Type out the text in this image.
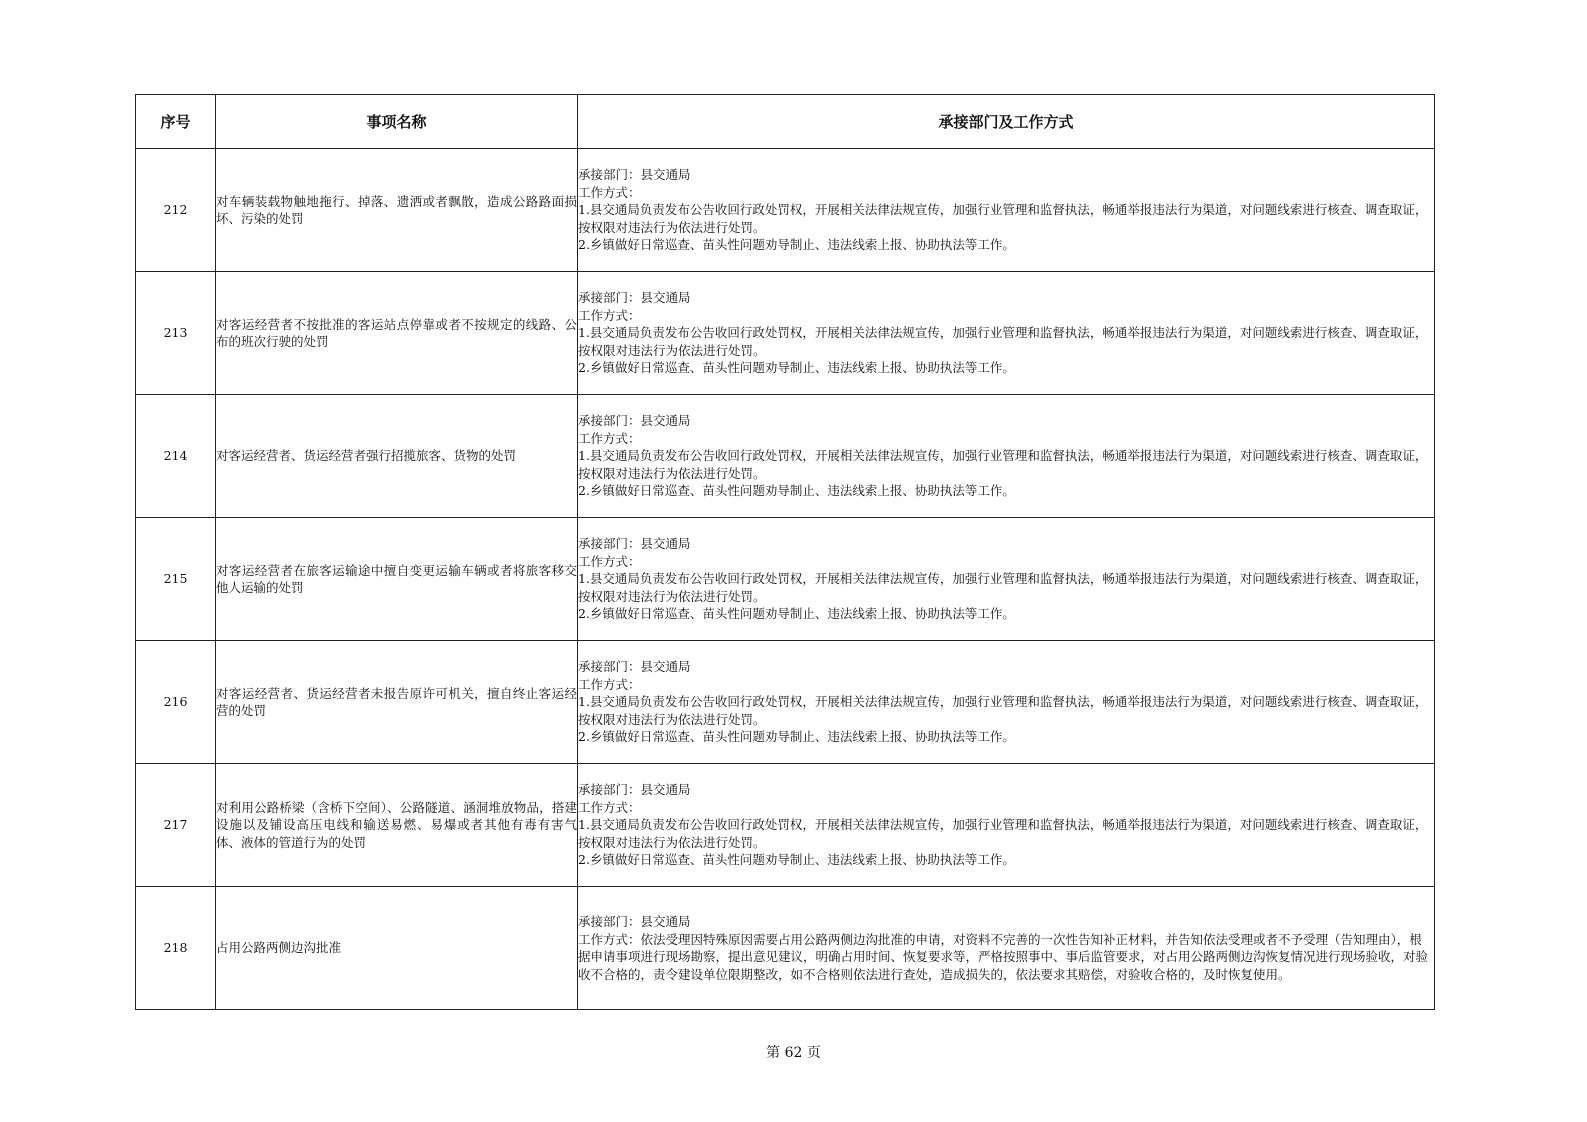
序号	事项名称	承接部门及工作方式
212	对车辆装载物触地拖行、掉落、遗洒或者飘散，造成公路路面损坏、污染的处罚	承接部门：县交通局
工作方式：
1.县交通局负责发布公告收回行政处罚权，开展相关法律法规宣传，加强行业管理和监督执法，畅通举报违法行为渠道，对问题线索进行核查、调查取证，按权限对违法行为依法进行处罚。
2.乡镇做好日常巡查、苗头性问题劝导制止、违法线索上报、协助执法等工作。

213	对客运经营者不按批准的客运站点停靠或者不按规定的线路、公布的班次行驶的处罚	承接部门：县交通局
工作方式：
1.县交通局负责发布公告收回行政处罚权，开展相关法律法规宣传，加强行业管理和监督执法，畅通举报违法行为渠道，对问题线索进行核查、调查取证，按权限对违法行为依法进行处罚。
2.乡镇做好日常巡查、苗头性问题劝导制止、违法线索上报、协助执法等工作。

214	对客运经营者、货运经营者强行招揽旅客、货物的处罚	承接部门：县交通局
工作方式：
1.县交通局负责发布公告收回行政处罚权，开展相关法律法规宣传，加强行业管理和监督执法，畅通举报违法行为渠道，对问题线索进行核查、调查取证，按权限对违法行为依法进行处罚。
2.乡镇做好日常巡查、苗头性问题劝导制止、违法线索上报、协助执法等工作。

215	对客运经营者在旅客运输途中擅自变更运输车辆或者将旅客移交他人运输的处罚	承接部门：县交通局
工作方式：
1.县交通局负责发布公告收回行政处罚权，开展相关法律法规宣传，加强行业管理和监督执法，畅通举报违法行为渠道，对问题线索进行核查、调查取证，按权限对违法行为依法进行处罚。
2.乡镇做好日常巡查、苗头性问题劝导制止、违法线索上报、协助执法等工作。

216	对客运经营者、货运经营者未报告原许可机关，擅自终止客运经营的处罚	承接部门：县交通局
工作方式：
1.县交通局负责发布公告收回行政处罚权，开展相关法律法规宣传，加强行业管理和监督执法，畅通举报违法行为渠道，对问题线索进行核查、调查取证，按权限对违法行为依法进行处罚。
2.乡镇做好日常巡查、苗头性问题劝导制止、违法线索上报、协助执法等工作。

217	对利用公路桥梁（含桥下空间）、公路隧道、涵洞堆放物品，搭建设施以及铺设高压电线和输送易燃、易爆或者其他有毒有害气体、液体的管道行为的处罚	承接部门：县交通局
工作方式：
1.县交通局负责发布公告收回行政处罚权，开展相关法律法规宣传，加强行业管理和监督执法，畅通举报违法行为渠道，对问题线索进行核查、调查取证，按权限对违法行为依法进行处罚。
2.乡镇做好日常巡查、苗头性问题劝导制止、违法线索上报、协助执法等工作。

218	占用公路两侧边沟批准	承接部门：县交通局
工作方式：依法受理因特殊原因需要占用公路两侧边沟批准的申请，对资料不完善的一次性告知补正材料，并告知依法受理或者不予受理（告知理由），根据申请事项进行现场勘察，提出意见建议，明确占用时间、恢复要求等，严格按照事中、事后监管要求，对占用公路两侧边沟恢复情况进行现场验收，对验收不合格的，责令建设单位限期整改，如不合格则依法进行查处，造成损失的，依法要求其赔偿，对验收合格的，及时恢复使用。
第 62 页
